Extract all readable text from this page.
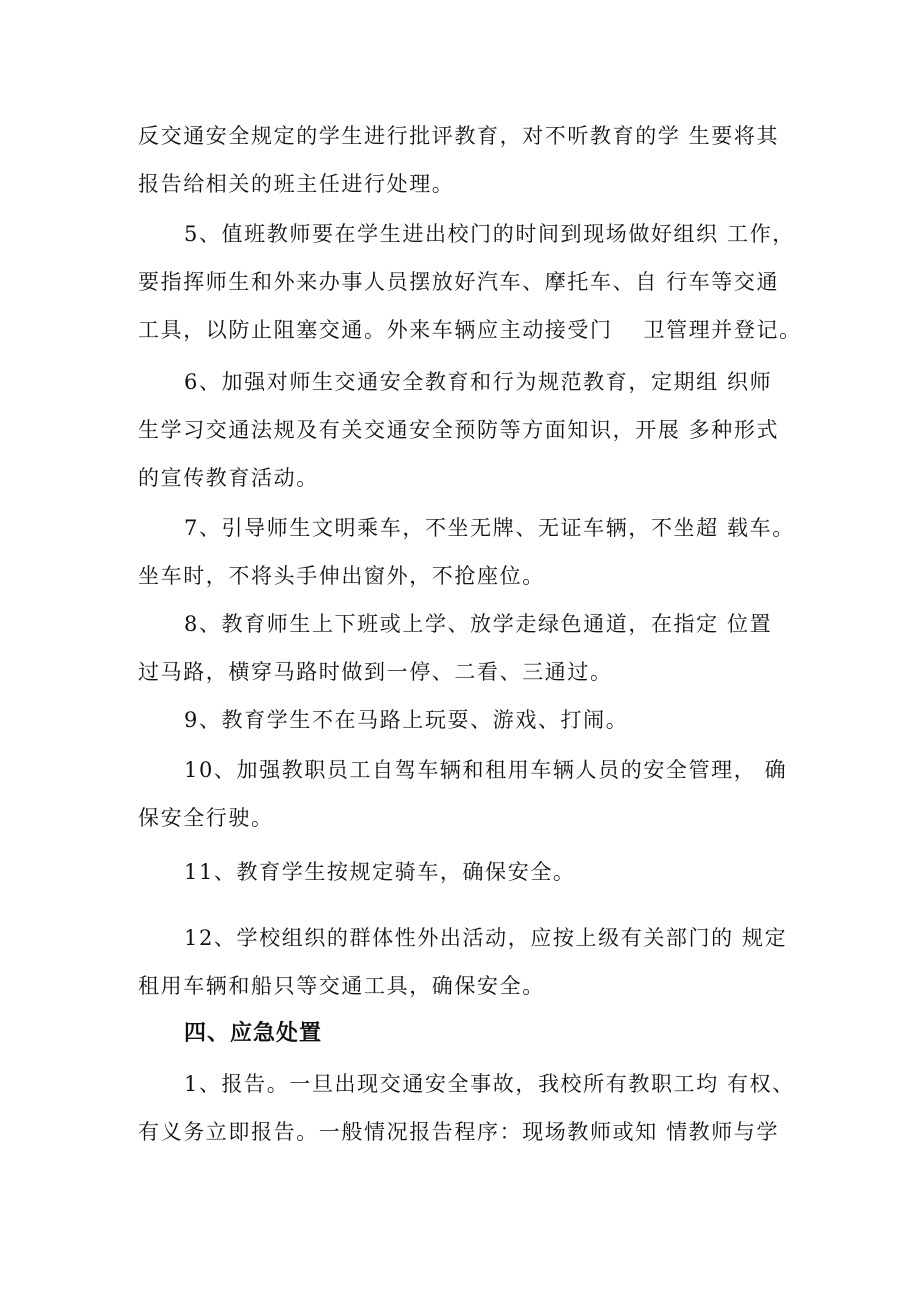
反交通安全规定的学生进行批评教育，对不听教育的学 生要将其
报告给相关的班主任进行处理。

5、值班教师要在学生进出校门的时间到现场做好组织 工作，
要指挥师生和外来办事人员摆放好汽车、摩托车、自 行车等交通
工具，以防止阻塞交通。外来车辆应主动接受门　 卫管理并登记。

6、加强对师生交通安全教育和行为规范教育，定期组 织师
生学习交通法规及有关交通安全预防等方面知识，开展 多种形式
的宣传教育活动。

7、引导师生文明乘车，不坐无牌、无证车辆，不坐超 载车。
坐车时，不将头手伸出窗外，不抢座位。

8、教育师生上下班或上学、放学走绿色通道，在指定 位置
过马路，横穿马路时做到一停、二看、三通过。

9、教育学生不在马路上玩耍、游戏、打闹。

10、加强教职员工自驾车辆和租用车辆人员的安全管理， 确
保安全行驶。

11、教育学生按规定骑车，确保安全。

12、学校组织的群体性外出活动，应按上级有关部门的 规定
租用车辆和船只等交通工具，确保安全。

四、应急处置

1、报告。一旦出现交通安全事故，我校所有教职工均 有权、
有义务立即报告。一般情况报告程序：现场教师或知 情教师与学
